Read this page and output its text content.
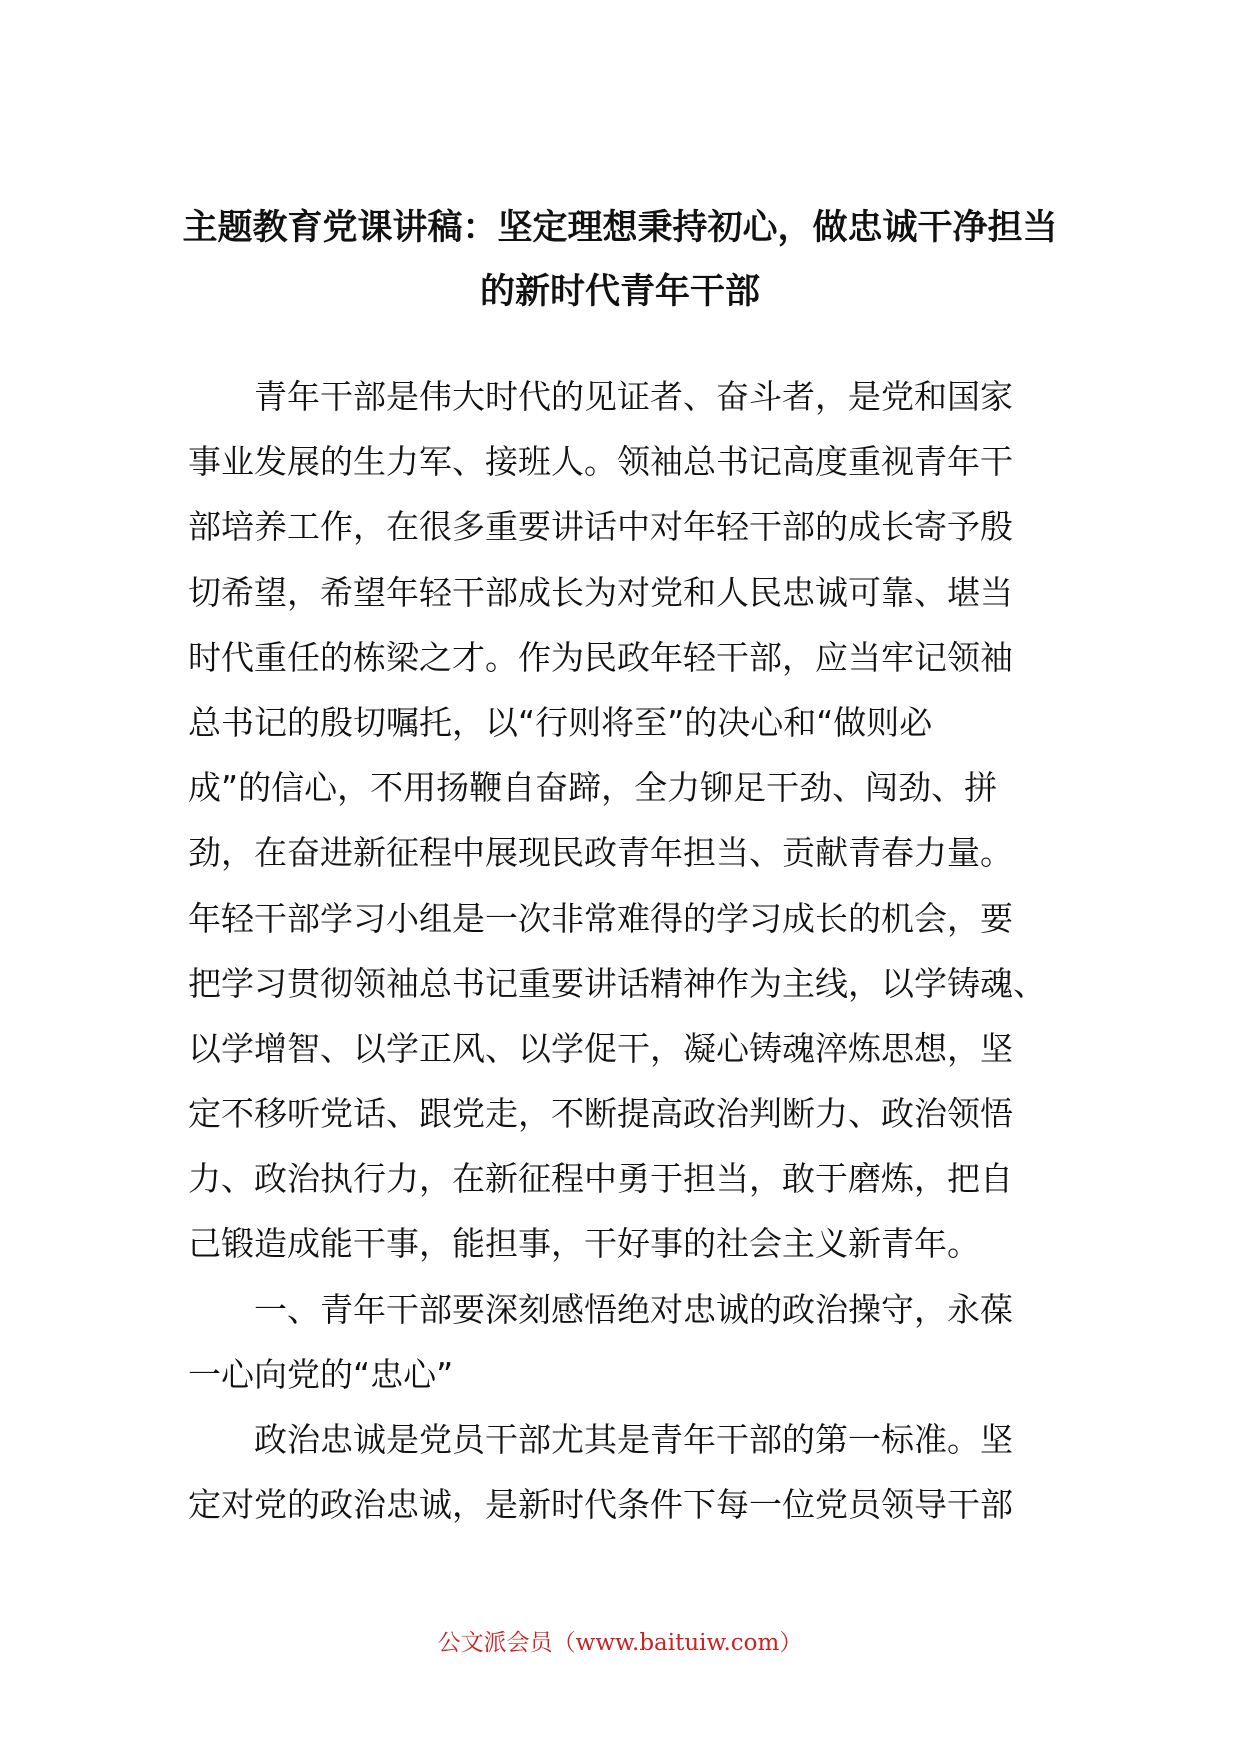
主题教育党课讲稿：坚定理想秉持初心，做忠诚干净担当
的新时代青年干部
青年干部是伟大时代的见证者、奋斗者，是党和国家
事业发展的生力军、接班人。领袖总书记高度重视青年干
部培养工作，在很多重要讲话中对年轻干部的成长寄予殷
切希望，希望年轻干部成长为对党和人民忠诚可靠、堪当
时代重任的栋梁之才。作为民政年轻干部，应当牢记领袖
总书记的殷切嘱托，以“行则将至”的决心和“做则必
成”的信心，不用扬鞭自奋蹄，全力铆足干劲、闯劲、拼
劲，在奋进新征程中展现民政青年担当、贡献青春力量。
年轻干部学习小组是一次非常难得的学习成长的机会，要
把学习贯彻领袖总书记重要讲话精神作为主线，以学铸魂、
以学增智、以学正风、以学促干，凝心铸魂淬炼思想，坚
定不移听党话、跟党走，不断提高政治判断力、政治领悟
力、政治执行力，在新征程中勇于担当，敢于磨炼，把自
己锻造成能干事，能担事，干好事的社会主义新青年。
一、青年干部要深刻感悟绝对忠诚的政治操守，永葆
一心向党的“忠心”
政治忠诚是党员干部尤其是青年干部的第一标准。坚
定对党的政治忠诚，是新时代条件下每一位党员领导干部
公文派会员（www.baituiw.com）
